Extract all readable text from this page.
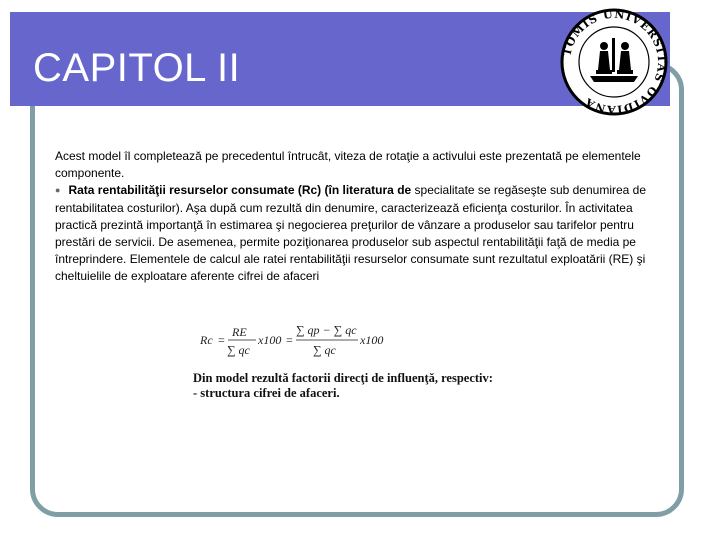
CAPITOL II	TOMIS UNIVERSITAS OVIDIANA

Acest model îl completează pe precedentul întrucât, viteza de rotaţie a activului este prezentată pe elementele componente.

● Rata rentabilităţii resurselor consumate (Rc) (în literatura de specialitate se regăseşte sub denumirea de rentabilitatea costurilor). Aşa după cum rezultă din denumire, caracterizează eficienţa costurilor. În activitatea practică prezintă importanţă în estimarea şi negocierea preţurilor de vânzare a produselor sau tarifelor pentru prestări de servicii. De asemenea, permite poziţionarea produselor sub aspectul rentabilităţii faţă de media pe întreprindere. Elementele de calcul ale ratei rentabilităţii resurselor consumate sunt rezultatul exploatării (RE) şi cheltuielile de exploatare aferente cifrei de afaceri

Rc =
RE
∑ qc
x100 =
∑ qp − ∑ qc
∑ qc
x100
Din model rezultă factorii direcţi de influenţă, respectiv:
- structura cifrei de afaceri.
